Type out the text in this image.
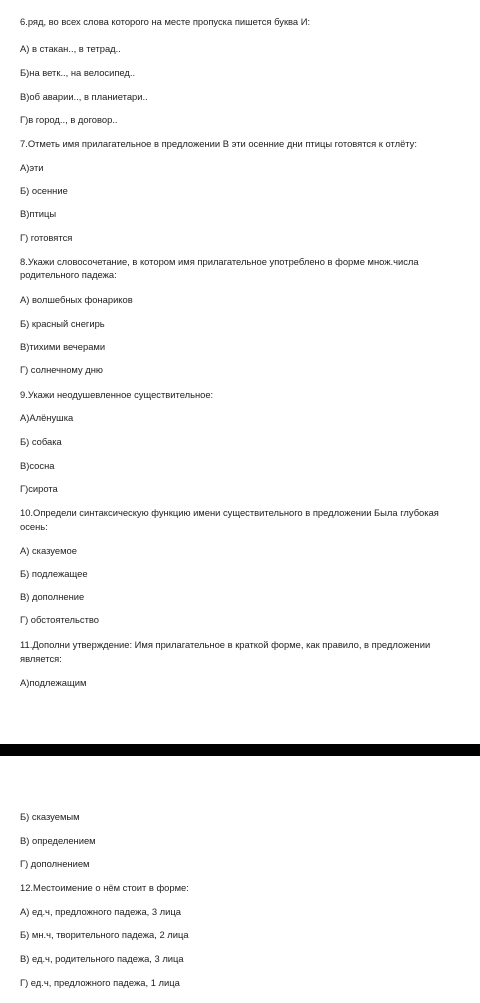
6.ряд, во всех слова которого на месте пропуска пишется буква И:
А) в стакан.., в тетрад..
Б)на ветк.., на велосипед..
В)об аварии.., в планиетари..
Г)в город.., в договор..
7.Отметь имя прилагательное в предложении В эти осенние дни птицы готовятся к отлёту:
А)эти
Б) осенние
В)птицы
Г) готовятся
8.Укажи словосочетание, в котором имя прилагательное употреблено в форме множ.числа
родительного падежа:
А) волшебных фонариков
Б) красный снегирь
В)тихими вечерами
Г) солнечному дню
9.Укажи неодушевленное существительное:
А)Алёнушка
Б) собака
В)сосна
Г)сирота
10.Определи синтаксическую функцию имени существительного в предложении Была глубокая
осень:
А) сказуемое
Б) подлежащее
В) дополнение
Г) обстоятельство
11.Дополни утверждение: Имя прилагательное в краткой форме, как правило, в предложении
является:
А)подлежащим
Б) сказуемым
В) определением
Г) дополнением
12.Местоимение о нём стоит в форме:
А) ед.ч, предложного падежа, 3 лица
Б) мн.ч, творительного падежа, 2 лица
В) ед.ч, родительного падежа, 3 лица
Г) ед.ч, предложного падежа, 1 лица
